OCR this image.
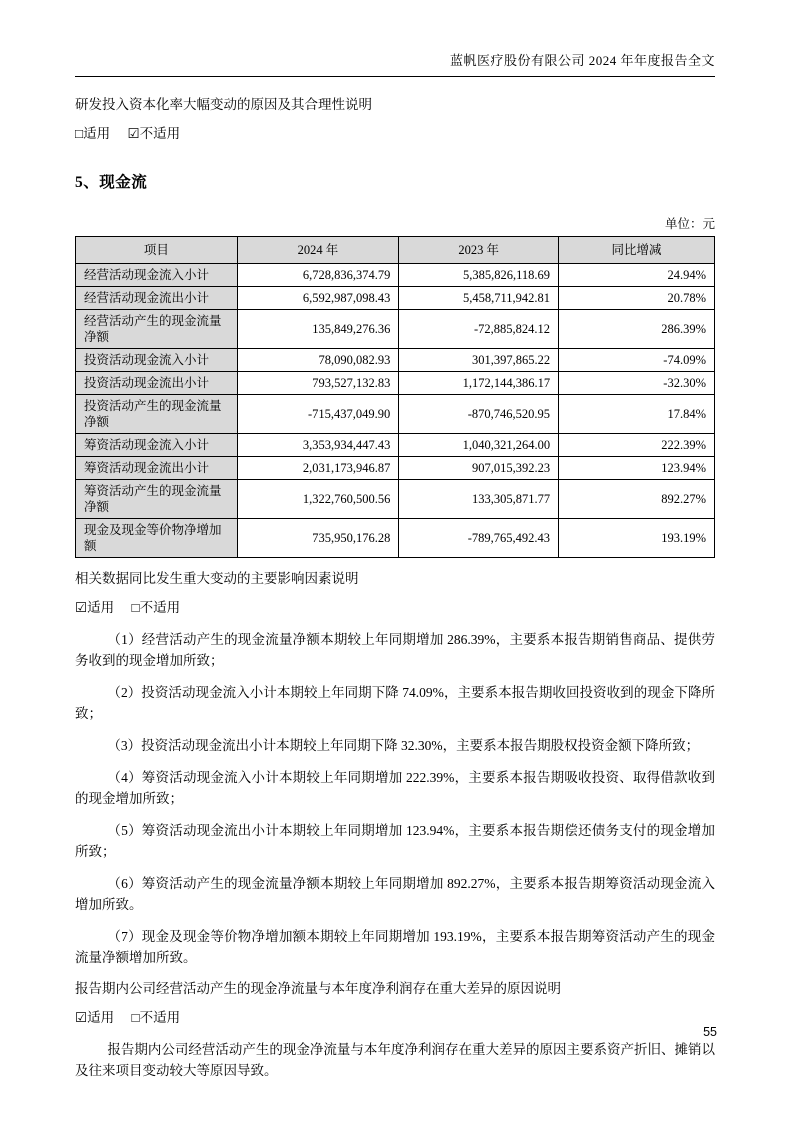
蓝帆医疗股份有限公司 2024 年年度报告全文
研发投入资本化率大幅变动的原因及其合理性说明
□适用 ☑不适用
5、现金流
单位：元
项目	2024 年	2023 年	同比增减
经营活动现金流入小计	6,728,836,374.79	5,385,826,118.69	24.94%
经营活动现金流出小计	6,592,987,098.43	5,458,711,942.81	20.78%
经营活动产生的现金流量净额	135,849,276.36	-72,885,824.12	286.39%
投资活动现金流入小计	78,090,082.93	301,397,865.22	-74.09%
投资活动现金流出小计	793,527,132.83	1,172,144,386.17	-32.30%
投资活动产生的现金流量净额	-715,437,049.90	-870,746,520.95	17.84%
筹资活动现金流入小计	3,353,934,447.43	1,040,321,264.00	222.39%
筹资活动现金流出小计	2,031,173,946.87	907,015,392.23	123.94%
筹资活动产生的现金流量净额	1,322,760,500.56	133,305,871.77	892.27%
现金及现金等价物净增加额	735,950,176.28	-789,765,492.43	193.19%
相关数据同比发生重大变动的主要影响因素说明
☑适用 □不适用
（1）经营活动产生的现金流量净额本期较上年同期增加 286.39%，主要系本报告期销售商品、提供劳务收到的现金增加所致；
（2）投资活动现金流入小计本期较上年同期下降 74.09%，主要系本报告期收回投资收到的现金下降所致；
（3）投资活动现金流出小计本期较上年同期下降 32.30%，主要系本报告期股权投资金额下降所致；
（4）筹资活动现金流入小计本期较上年同期增加 222.39%，主要系本报告期吸收投资、取得借款收到的现金增加所致；
（5）筹资活动现金流出小计本期较上年同期增加 123.94%，主要系本报告期偿还债务支付的现金增加所致；
（6）筹资活动产生的现金流量净额本期较上年同期增加 892.27%，主要系本报告期筹资活动现金流入增加所致。
（7）现金及现金等价物净增加额本期较上年同期增加 193.19%，主要系本报告期筹资活动产生的现金流量净额增加所致。
报告期内公司经营活动产生的现金净流量与本年度净利润存在重大差异的原因说明
☑适用 □不适用
报告期内公司经营活动产生的现金净流量与本年度净利润存在重大差异的原因主要系资产折旧、摊销以及往来项目变动较大等原因导致。
55
